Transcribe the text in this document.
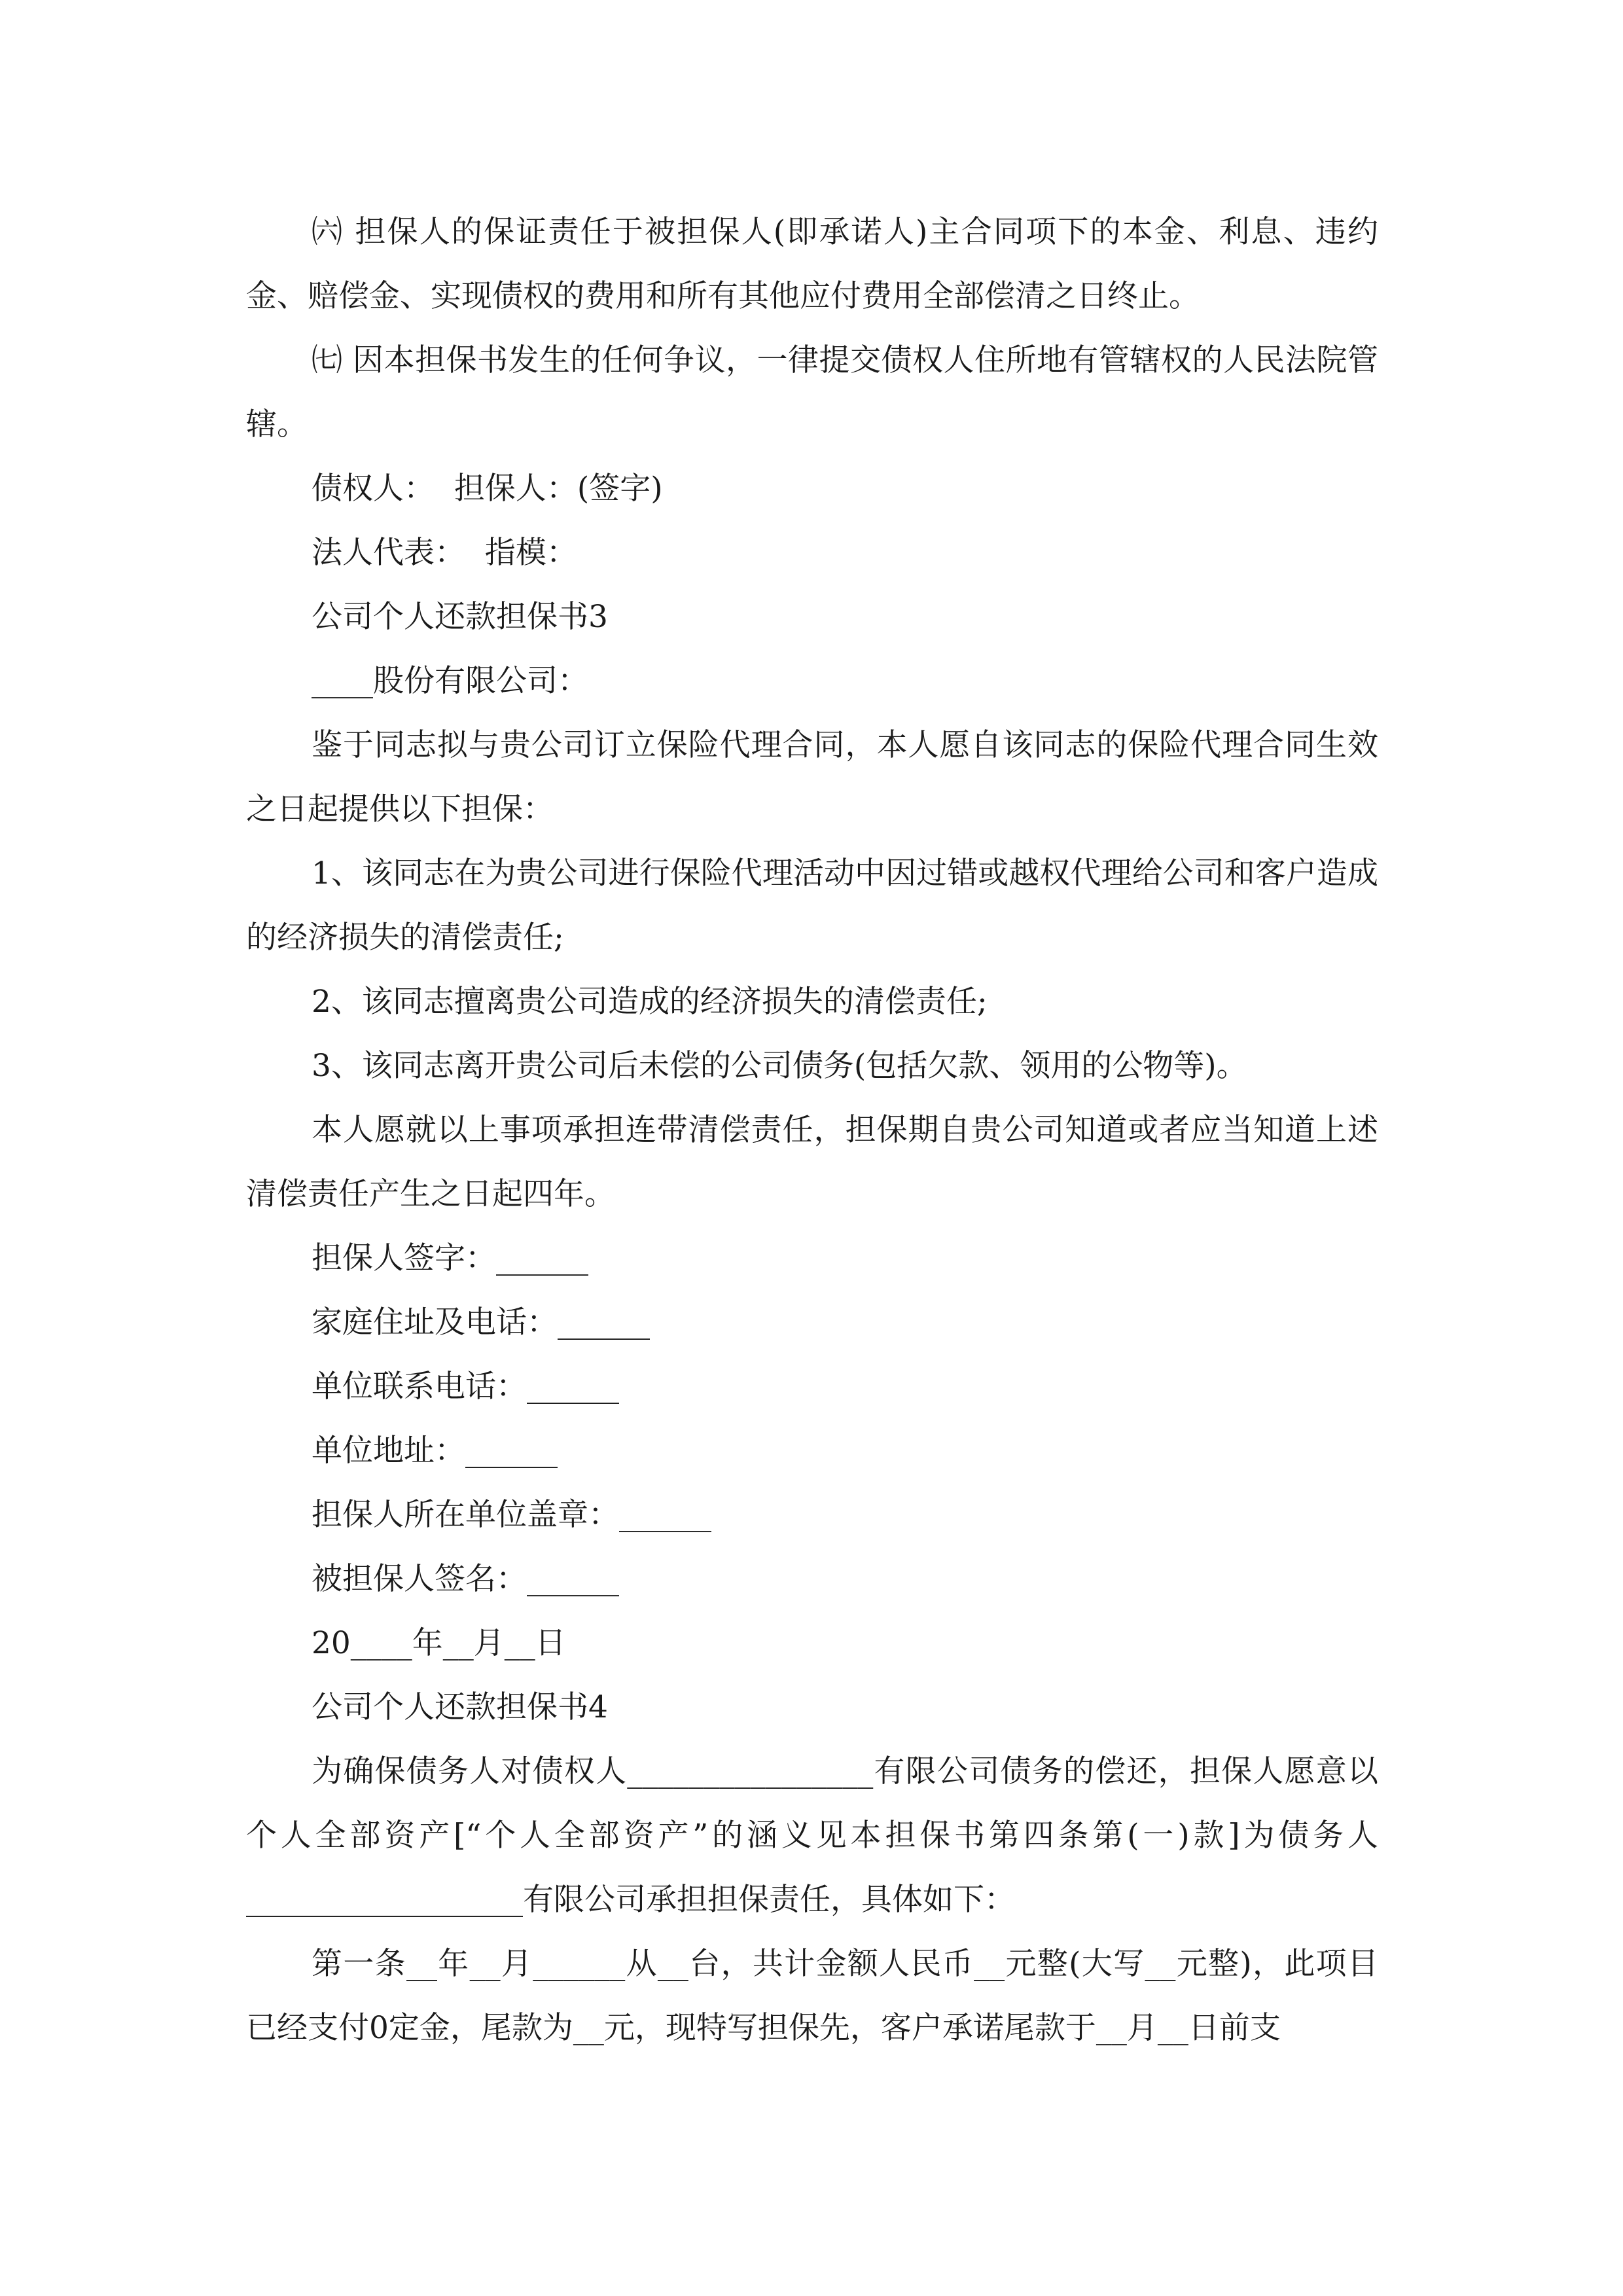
㈥ 担保人的保证责任于被担保人(即承诺人)主合同项下的本金、利息、违约金、赔偿金、实现债权的费用和所有其他应付费用全部偿清之日终止。

㈦ 因本担保书发生的任何争议，一律提交债权人住所地有管辖权的人民法院管辖。

债权人：  担保人：(签字)

法人代表：  指模：

公司个人还款担保书3

____股份有限公司：

鉴于同志拟与贵公司订立保险代理合同，本人愿自该同志的保险代理合同生效之日起提供以下担保：

1、该同志在为贵公司进行保险代理活动中因过错或越权代理给公司和客户造成的经济损失的清偿责任;

2、该同志擅离贵公司造成的经济损失的清偿责任;

3、该同志离开贵公司后未偿的公司债务(包括欠款、领用的公物等)。

本人愿就以上事项承担连带清偿责任，担保期自贵公司知道或者应当知道上述清偿责任产生之日起四年。

担保人签字：______

家庭住址及电话：______

单位联系电话：______

单位地址：______

担保人所在单位盖章：______

被担保人签名：______

20____年__月__日

公司个人还款担保书4

为确保债务人对债权人________________有限公司债务的偿还，担保人愿意以个人全部资产[“个人全部资产”的涵义见本担保书第四条第(一)款]为债务人__________________有限公司承担担保责任，具体如下：

第一条__年__月______从__台，共计金额人民币__元整(大写__元整)，此项目已经支付0定金，尾款为__元，现特写担保先，客户承诺尾款于__月__日前支
